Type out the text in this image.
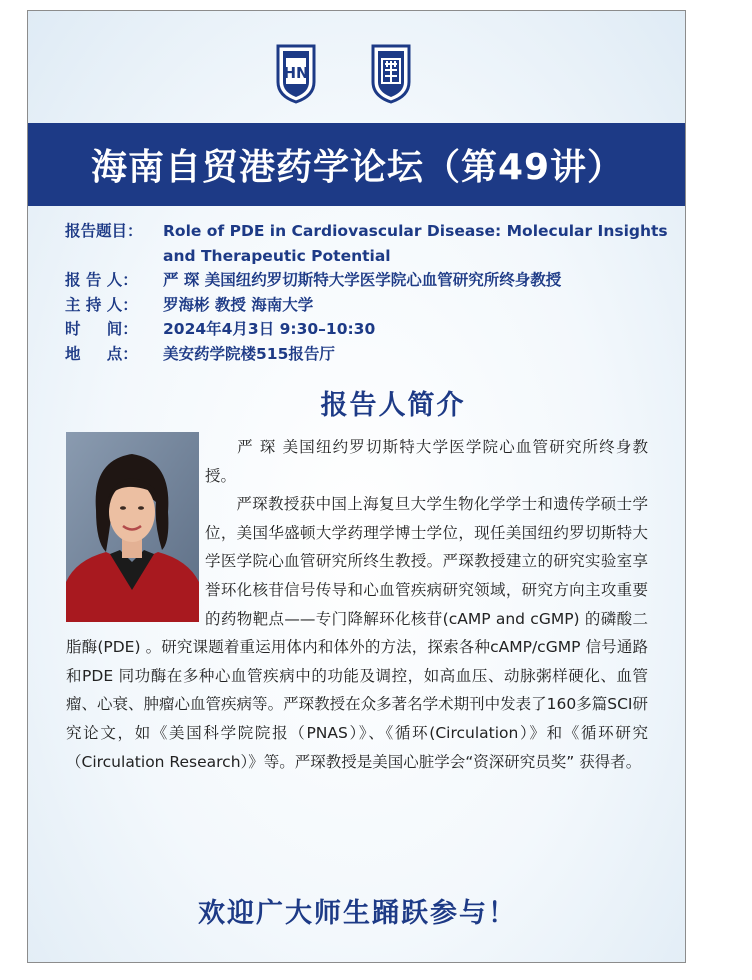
HN
海南自贸港药学论坛（第49讲）
报告题目：	Role of PDE in Cardiovascular Disease: Molecular Insights and Therapeutic Potential
报 告 人：	严 琛 美国纽约罗切斯特大学医学院心血管研究所终身教授
主 持 人：	罗海彬 教授 海南大学
时 　 间：	2024年4月3日 9:30–10:30
地 　 点：	美安药学院楼515报告厅
报告人简介

严 琛 美国纽约罗切斯特大学医学院心血管研究所终身教授。

严琛教授获中国上海复旦大学生物化学学士和遗传学硕士学位，美国华盛顿大学药理学博士学位，现任美国纽约罗切斯特大学医学院心血管研究所终生教授。严琛教授建立的研究实验室享誉环化核苷信号传导和心血管疾病研究领域，研究方向主攻重要的药物靶点——专门降解环化核苷(cAMP and cGMP) 的磷酸二脂酶(PDE) 。研究课题着重运用体内和体外的方法，探索各种cAMP/cGMP 信号通路和PDE 同功酶在多种心血管疾病中的功能及调控，如高血压、动脉粥样硬化、血管瘤、心衰、肿瘤心血管疾病等。严琛教授在众多著名学术期刊中发表了160多篇SCI研究论文，如《美国科学院院报（PNAS）》、《循环(Circulation）》和《循环研究（Circulation Research）》等。严琛教授是美国心脏学会“资深研究员奖” 获得者。

欢迎广大师生踊跃参与！
